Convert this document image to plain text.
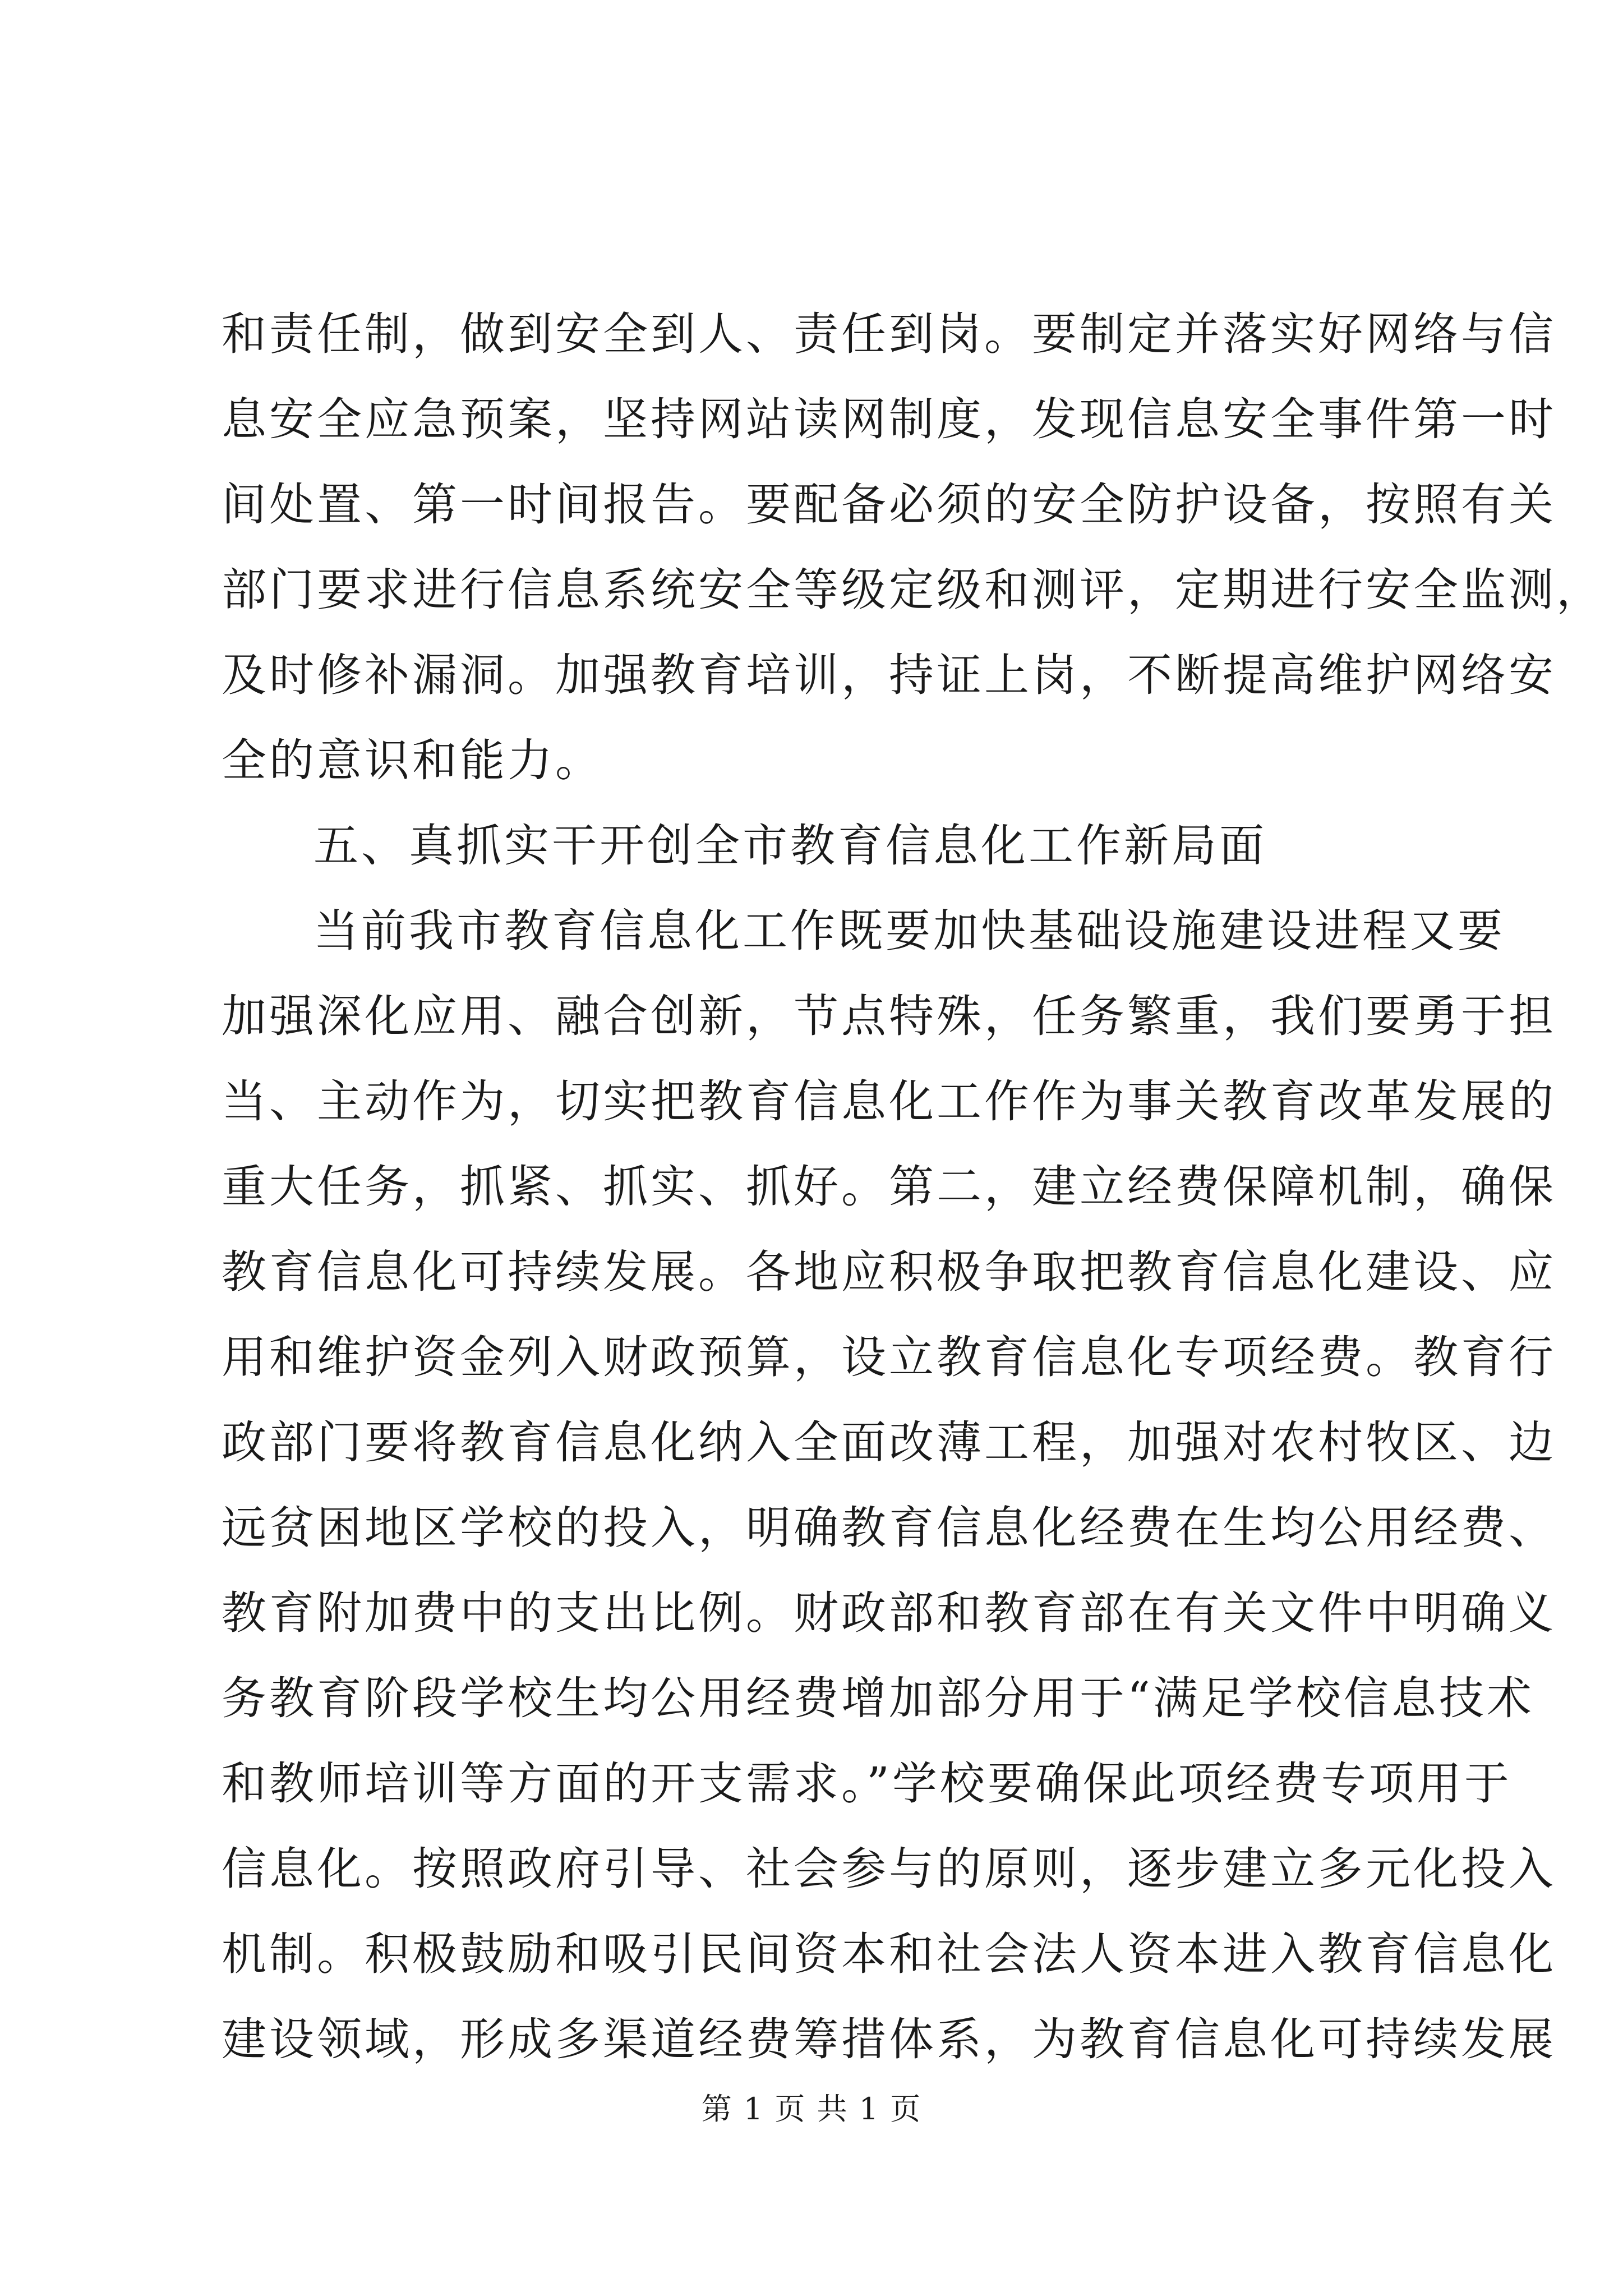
和责任制，做到安全到人、责任到岗。要制定并落实好网络与信
息安全应急预案，坚持网站读网制度，发现信息安全事件第一时
间处置、第一时间报告。要配备必须的安全防护设备，按照有关
部门要求进行信息系统安全等级定级和测评，定期进行安全监测，
及时修补漏洞。加强教育培训，持证上岗，不断提高维护网络安
全的意识和能力。
五、真抓实干开创全市教育信息化工作新局面
当前我市教育信息化工作既要加快基础设施建设进程又要
加强深化应用、融合创新，节点特殊，任务繁重，我们要勇于担
当、主动作为，切实把教育信息化工作作为事关教育改革发展的
重大任务，抓紧、抓实、抓好。第二，建立经费保障机制，确保
教育信息化可持续发展。各地应积极争取把教育信息化建设、应
用和维护资金列入财政预算，设立教育信息化专项经费。教育行
政部门要将教育信息化纳入全面改薄工程，加强对农村牧区、边
远贫困地区学校的投入，明确教育信息化经费在生均公用经费、
教育附加费中的支出比例。财政部和教育部在有关文件中明确义
务教育阶段学校生均公用经费增加部分用于“满足学校信息技术
和教师培训等方面的开支需求。”学校要确保此项经费专项用于
信息化。按照政府引导、社会参与的原则，逐步建立多元化投入
机制。积极鼓励和吸引民间资本和社会法人资本进入教育信息化
建设领域，形成多渠道经费筹措体系，为教育信息化可持续发展
第 1 页 共 1 页
